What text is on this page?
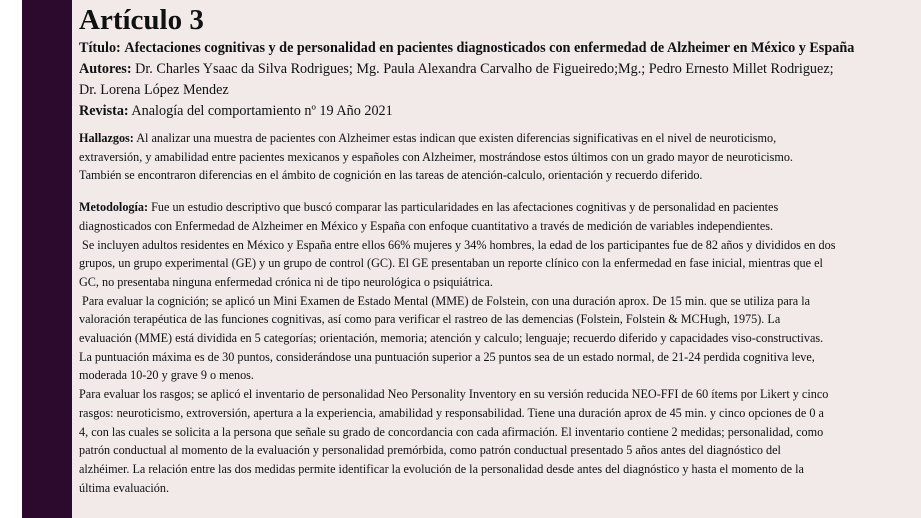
Artículo 3
Título: Afectaciones cognitivas y de personalidad en pacientes diagnosticados con enfermedad de Alzheimer en México y España
Autores: Dr. Charles Ysaac da Silva Rodrigues; Mg. Paula Alexandra Carvalho de Figueiredo;Mg.; Pedro Ernesto Millet Rodriguez;
Dr. Lorena López Mendez
Revista: Analogía del comportamiento nº 19 Año 2021
Hallazgos: Al analizar una muestra de pacientes con Alzheimer estas indican que existen diferencias significativas en el nivel de neuroticismo,
extraversión, y amabilidad entre pacientes mexicanos y españoles con Alzheimer, mostrándose estos últimos con un grado mayor de neuroticismo.
También se encontraron diferencias en el ámbito de cognición en las tareas de atención-calculo, orientación y recuerdo diferido.
Metodología: Fue un estudio descriptivo que buscó comparar las particularidades en las afectaciones cognitivas y de personalidad en pacientes
diagnosticados con Enfermedad de Alzheimer en México y España con enfoque cuantitativo a través de medición de variables independientes.
Se incluyen adultos residentes en México y España entre ellos 66% mujeres y 34% hombres, la edad de los participantes fue de 82 años y divididos en dos
grupos, un grupo experimental (GE) y un grupo de control (GC). El GE presentaban un reporte clínico con la enfermedad en fase inicial, mientras que el
GC, no presentaba ninguna enfermedad crónica ni de tipo neurológica o psiquiátrica.
Para evaluar la cognición; se aplicó un Mini Examen de Estado Mental (MME) de Folstein, con una duración aprox. De 15 min. que se utiliza para la
valoración terapéutica de las funciones cognitivas, así como para verificar el rastreo de las demencias (Folstein, Folstein & MCHugh, 1975). La
evaluación (MME) está dividida en 5 categorías; orientación, memoria; atención y calculo; lenguaje; recuerdo diferido y capacidades viso-constructivas.
La puntuación máxima es de 30 puntos, considerándose una puntuación superior a 25 puntos sea de un estado normal, de 21-24 perdida cognitiva leve,
moderada 10-20 y grave 9 o menos.
Para evaluar los rasgos; se aplicó el inventario de personalidad Neo Personality Inventory en su versión reducida NEO-FFI de 60 ítems por Likert y cinco
rasgos: neuroticismo, extroversión, apertura a la experiencia, amabilidad y responsabilidad. Tiene una duración aprox de 45 min. y cinco opciones de 0 a
4, con las cuales se solicita a la persona que señale su grado de concordancia con cada afirmación. El inventario contiene 2 medidas; personalidad, como
patrón conductual al momento de la evaluación y personalidad premórbida, como patrón conductual presentado 5 años antes del diagnóstico del
alzhéimer. La relación entre las dos medidas permite identificar la evolución de la personalidad desde antes del diagnóstico y hasta el momento de la
última evaluación.
